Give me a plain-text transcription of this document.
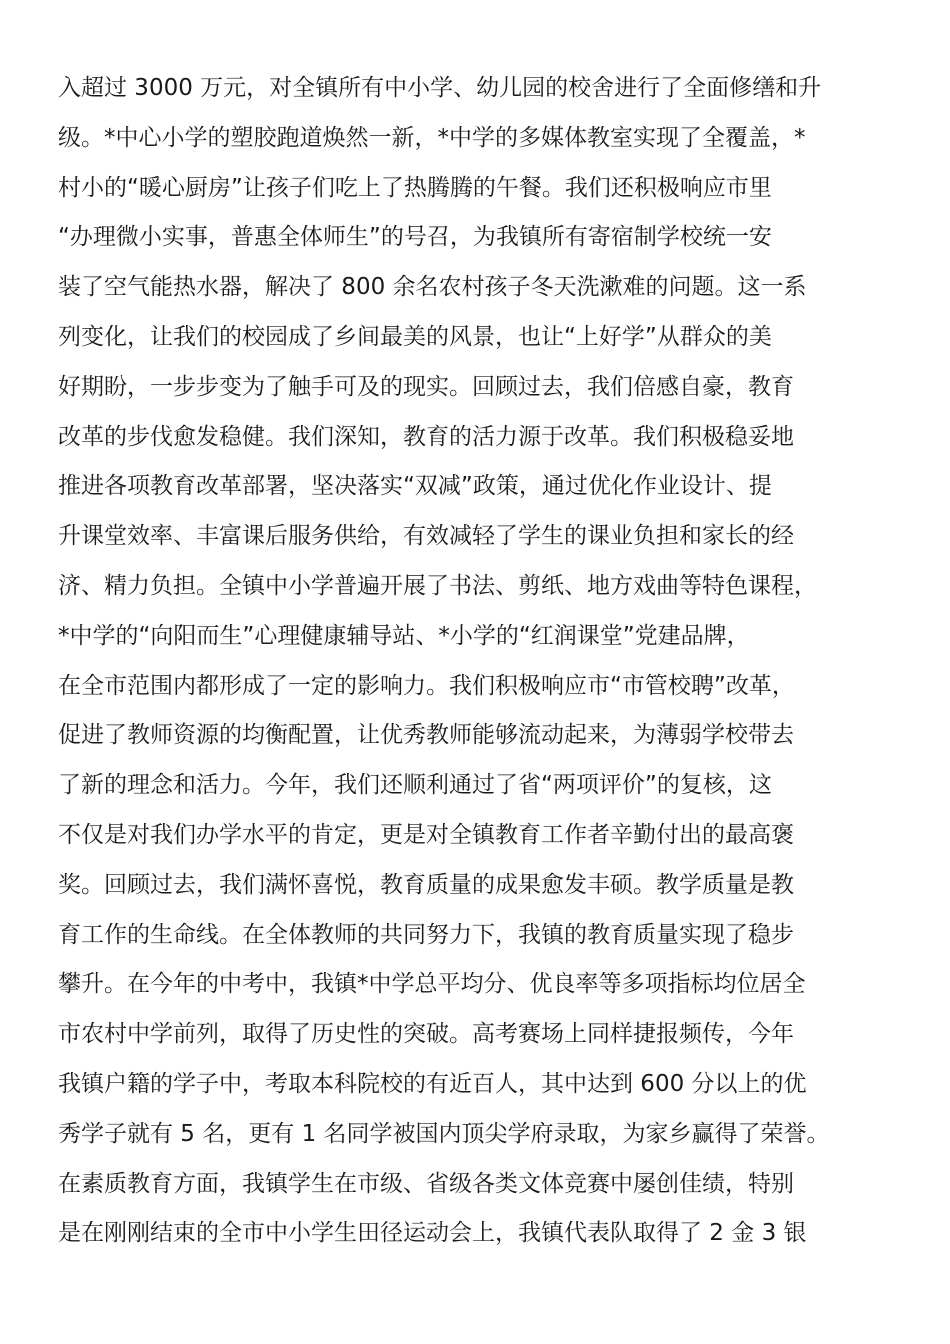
入超过 3000 万元，对全镇所有中小学、幼儿园的校舍进行了全面修缮和升
级。*中心小学的塑胶跑道焕然一新，*中学的多媒体教室实现了全覆盖，*
村小的“暖心厨房”让孩子们吃上了热腾腾的午餐。我们还积极响应市里
“办理微小实事，普惠全体师生”的号召，为我镇所有寄宿制学校统一安
装了空气能热水器，解决了 800 余名农村孩子冬天洗漱难的问题。这一系
列变化，让我们的校园成了乡间最美的风景，也让“上好学”从群众的美
好期盼，一步步变为了触手可及的现实。回顾过去，我们倍感自豪，教育
改革的步伐愈发稳健。我们深知，教育的活力源于改革。我们积极稳妥地
推进各项教育改革部署，坚决落实“双减”政策，通过优化作业设计、提
升课堂效率、丰富课后服务供给，有效减轻了学生的课业负担和家长的经
济、精力负担。全镇中小学普遍开展了书法、剪纸、地方戏曲等特色课程，
*中学的“向阳而生”心理健康辅导站、*小学的“红润课堂”党建品牌，
在全市范围内都形成了一定的影响力。我们积极响应市“市管校聘”改革，
促进了教师资源的均衡配置，让优秀教师能够流动起来，为薄弱学校带去
了新的理念和活力。今年，我们还顺利通过了省“两项评价”的复核，这
不仅是对我们办学水平的肯定，更是对全镇教育工作者辛勤付出的最高褒
奖。回顾过去，我们满怀喜悦，教育质量的成果愈发丰硕。教学质量是教
育工作的生命线。在全体教师的共同努力下，我镇的教育质量实现了稳步
攀升。在今年的中考中，我镇*中学总平均分、优良率等多项指标均位居全
市农村中学前列，取得了历史性的突破。高考赛场上同样捷报频传，今年
我镇户籍的学子中，考取本科院校的有近百人，其中达到 600 分以上的优
秀学子就有 5 名，更有 1 名同学被国内顶尖学府录取，为家乡赢得了荣誉。
在素质教育方面，我镇学生在市级、省级各类文体竞赛中屡创佳绩，特别
是在刚刚结束的全市中小学生田径运动会上，我镇代表队取得了 2 金 3 银
